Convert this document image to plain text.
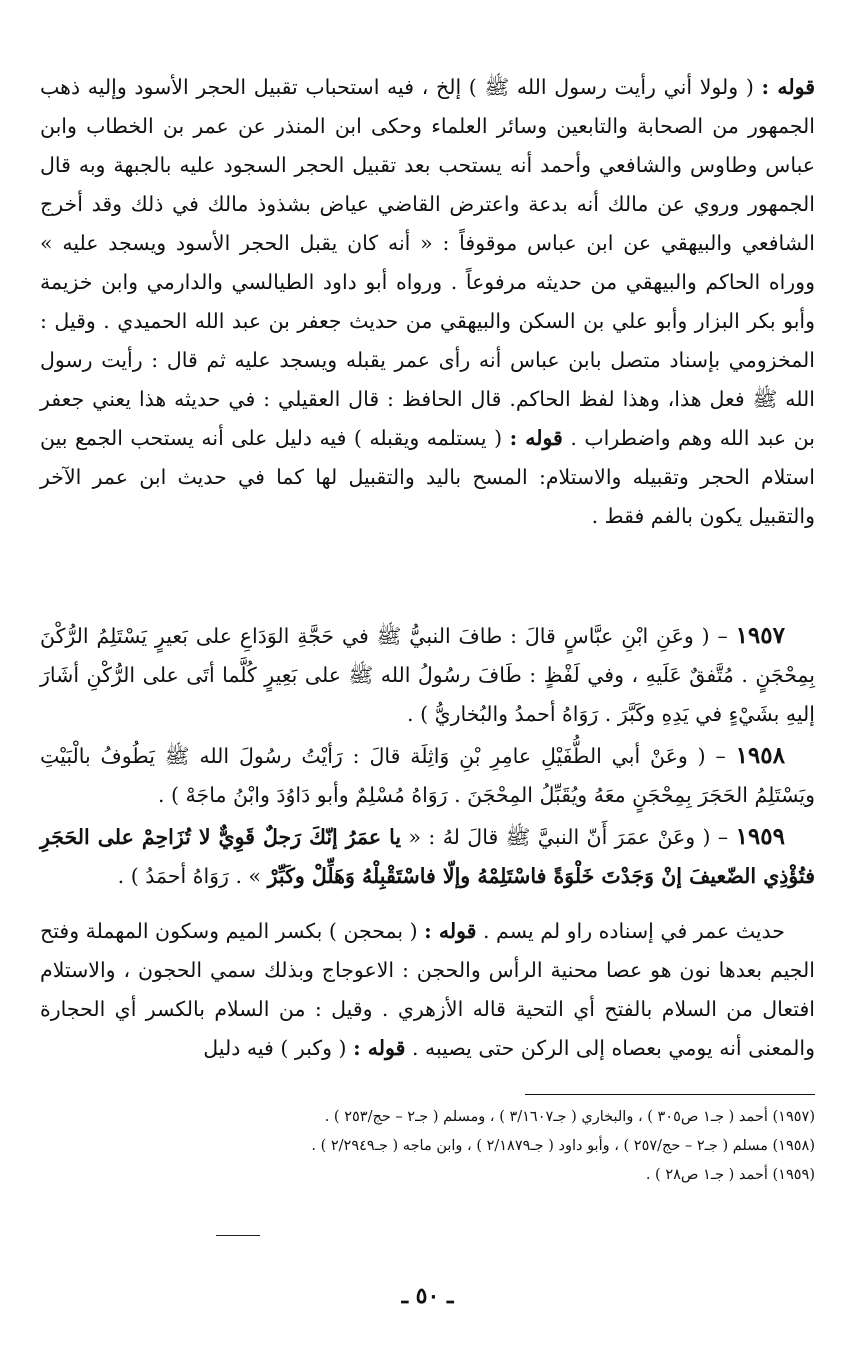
قوله : ( ولولا أني رأيت رسول الله ﷺ ) إلخ ، فيه استحباب تقبيل الحجر الأسود وإليه ذهب الجمهور من الصحابة والتابعين وسائر العلماء وحكى ابن المنذر عن عمر بن الخطاب وابن عباس وطاوس والشافعي وأحمد أنه يستحب بعد تقبيل الحجر السجود عليه بالجبهة وبه قال الجمهور وروي عن مالك أنه بدعة واعترض القاضي عياض بشذوذ مالك في ذلك وقد أخرج الشافعي والبيهقي عن ابن عباس موقوفاً : « أنه كان يقبل الحجر الأسود ويسجد عليه » ووراه الحاكم والبيهقي من حديثه مرفوعاً . ورواه أبو داود الطيالسي والدارمي وابن خزيمة وأبو بكر البزار وأبو علي بن السكن والبيهقي من حديث جعفر بن عبد الله الحميدي . وقيل : المخزومي بإسناد متصل بابن عباس أنه رأى عمر يقبله ويسجد عليه ثم قال : رأيت رسول الله ﷺ فعل هذا، وهذا لفظ الحاكم. قال الحافظ : قال العقيلي : في حديثه هذا يعني جعفر بن عبد الله وهم واضطراب . قوله : ( يستلمه ويقبله ) فيه دليل على أنه يستحب الجمع بين استلام الحجر وتقبيله والاستلام: المسح باليد والتقبيل لها كما في حديث ابن عمر الآخر والتقبيل يكون بالفم فقط .

١٩٥٧ – ( وعَنِ ابْنِ عبَّاسٍ قالَ : طافَ النبيُّ ﷺ في حَجَّةِ الوَدَاعِ على بَعيرٍ يَسْتَلِمُ الرُّكْنَ بِمِحْجَنٍ . مُتَّفقٌ عَلَيهِ ، وفي لَفْظٍ : طَافَ رسُولُ الله ﷺ على بَعِيرٍ كُلَّما أتَى على الرُّكْنِ أشَارَ إليهِ بشَيْءٍ في يَدِهِ وكَبَّرَ . رَوَاهُ أحمدُ والبُخاريُّ ) .

١٩٥٨ – ( وعَنْ أبي الطُّفَيْلِ عامِرِ بْنِ وَاثِلَة قالَ : رَأيْتُ رسُولَ الله ﷺ يَطُوفُ بالْبَيْتِ ويَسْتَلِمُ الحَجَرَ بِمِحْجَنٍ معَهُ ويُقَبِّلُ المِحْجَنَ . رَوَاهُ مُسْلِمٌ وأبو دَاوُدَ وابْنُ ماجَهْ ) .

١٩٥٩ – ( وعَنْ عمَرَ أَنّ النبيَّ ﷺ قالَ لهُ : « يا عمَرُ إنّكَ رَجلٌ قَوِيٌّ لا تُزَاحِمْ على الحَجَرِ فتُؤْذِي الضّعيفَ إنْ وَجَدْتَ خَلْوَةً فاسْتَلِمْهُ وإلّا فاسْتَقْبِلْهُ وَهَلِّلْ وكَبِّرْ » . رَوَاهُ أحمَدُ ) .

حديث عمر في إسناده راو لم يسم . قوله : ( بمحجن ) بكسر الميم وسكون المهملة وفتح الجيم بعدها نون هو عصا محنية الرأس والحجن : الاعوجاج وبذلك سمي الحجون ، والاستلام افتعال من السلام بالفتح أي التحية قاله الأزهري . وقيل : من السلام بالكسر أي الحجارة والمعنى أنه يومي بعصاه إلى الركن حتى يصيبه . قوله : ( وكبر ) فيه دليل

(١٩٥٧) أحمد ( جـ١ ص٣٠٥ ) ، والبخاري ( جـ٣/١٦٠٧ ) ، ومسلم ( جـ٢ – حج/٢٥٣ ) .

(١٩٥٨) مسلم ( جـ٢ – حج/٢٥٧ ) ، وأبو داود ( جـ٢/١٨٧٩ ) ، وابن ماجه ( جـ٢/٢٩٤٩ ) .

(١٩٥٩) أحمد ( جـ١ ص٢٨ ) .

ـ ٥٠ ـ
